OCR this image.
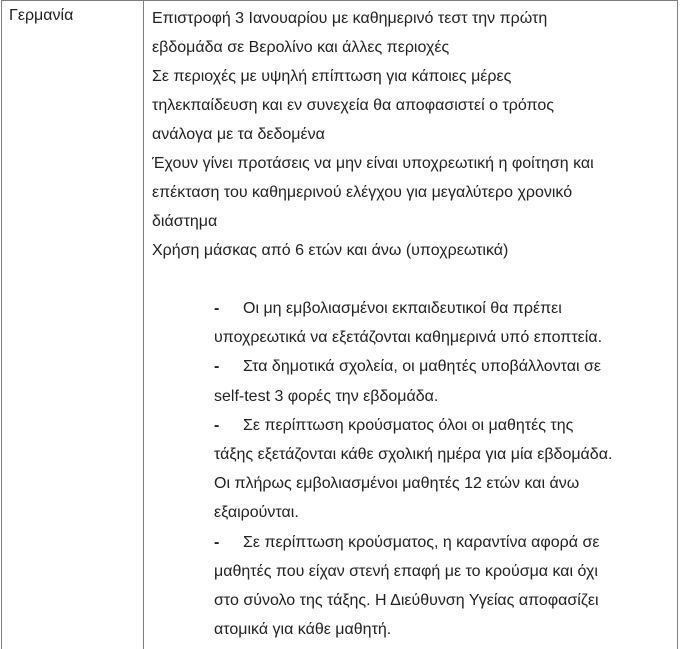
Γερμανία	Επιστροφή 3 Ιανουαρίου με καθημερινό τεστ την πρώτη
εβδομάδα σε Βερολίνο και άλλες περιοχές
Σε περιοχές με υψηλή επίπτωση για κάποιες μέρες
τηλεκπαίδευση και εν συνεχεία θα αποφασιστεί ο τρόπος
ανάλογα με τα δεδομένα
Έχουν γίνει προτάσεις να μην είναι υποχρεωτική η φοίτηση και
επέκταση του καθημερινού ελέγχου για μεγαλύτερο χρονικό
διάστημα
Χρήση μάσκας από 6 ετών και άνω (υποχρεωτικά)
- Οι μη εμβολιασμένοι εκπαιδευτικοί θα πρέπει
υποχρεωτικά να εξετάζονται καθημερινά υπό εποπτεία.
- Στα δημοτικά σχολεία, οι μαθητές υποβάλλονται σε
self-test 3 φορές την εβδομάδα.
- Σε περίπτωση κρούσματος όλοι οι μαθητές της
τάξης εξετάζονται κάθε σχολική ημέρα για μία εβδομάδα.
Οι πλήρως εμβολιασμένοι μαθητές 12 ετών και άνω
εξαιρούνται.
- Σε περίπτωση κρούσματος, η καραντίνα αφορά σε
μαθητές που είχαν στενή επαφή με το κρούσμα και όχι
στο σύνολο της τάξης. Η Διεύθυνση Υγείας αποφασίζει
ατομικά για κάθε μαθητή.
